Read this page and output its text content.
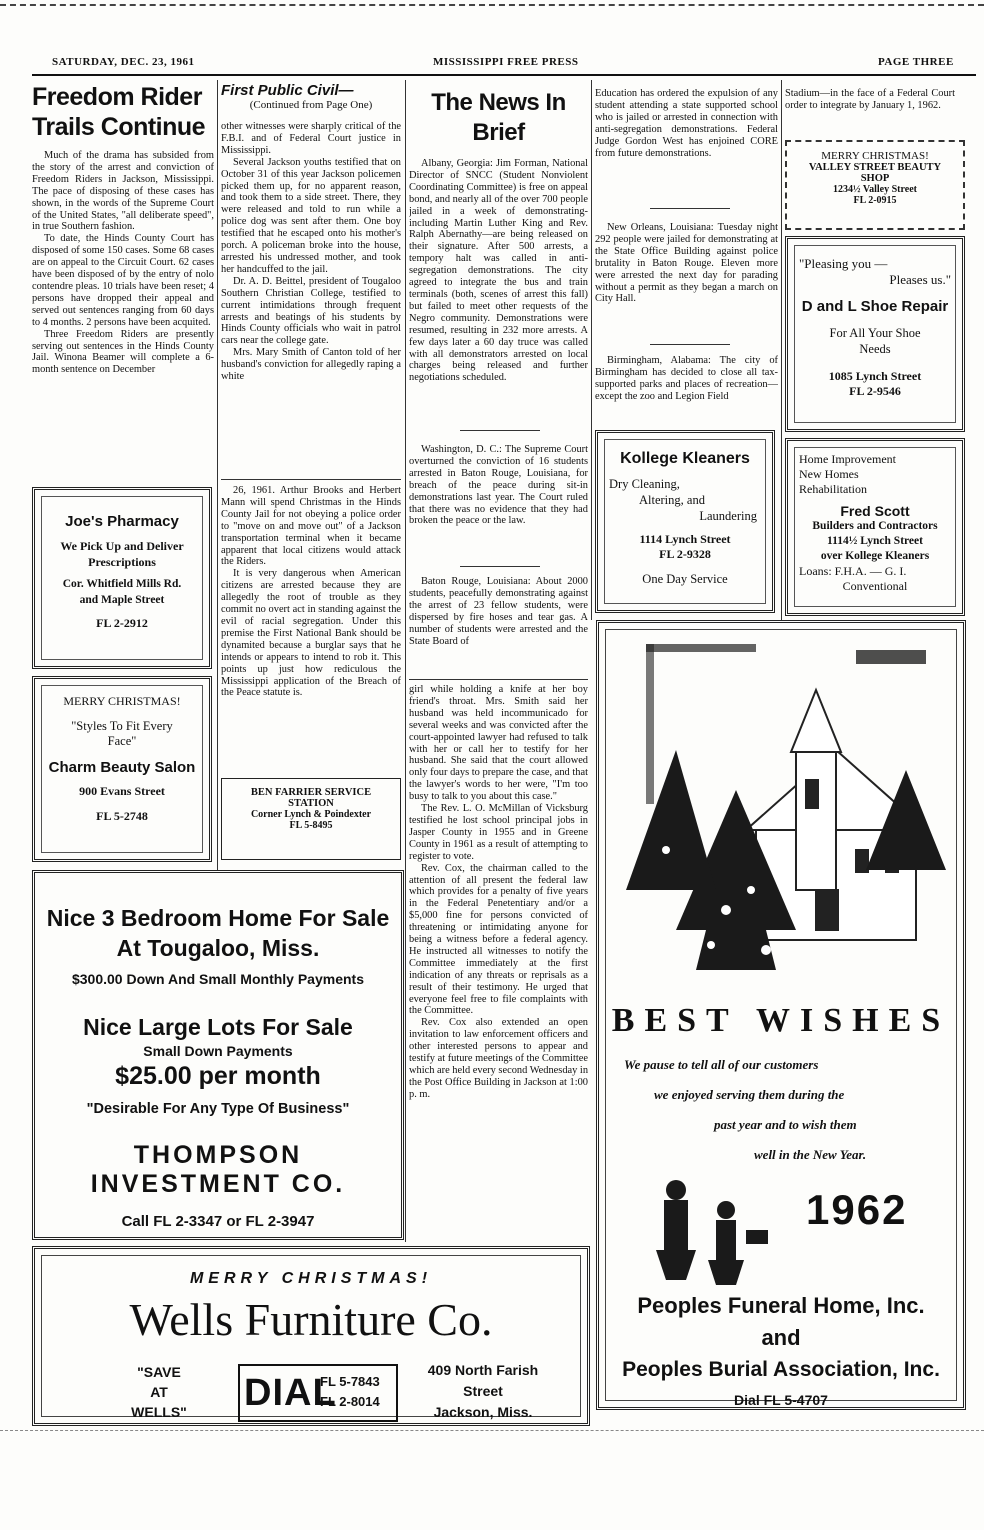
SATURDAY, DEC. 23, 1961	MISSISSIPPI FREE PRESS	PAGE THREE
Freedom Rider
Trails Continue

Much of the drama has subsided from the story of the arrest and conviction of Freedom Riders in Jackson, Mississippi. The pace of disposing of these cases has shown, in the words of the Supreme Court of the United States, "all deliberate speed", in true Southern fashion.

To date, the Hinds County Court has disposed of some 150 cases. Some 68 cases are on appeal to the Circuit Court. 62 cases have been disposed of by the entry of nolo contendre pleas. 10 trials have been reset; 4 persons have dropped their appeal and served out sentences ranging from 60 days to 4 months. 2 persons have been acquited.

Three Freedom Riders are presently serving out sentences in the Hinds County Jail. Winona Beamer will complete a 6-month sentence on December

Joe's Pharmacy
We Pick Up and Deliver
Prescriptions
Cor. Whitfield Mills Rd.
and Maple Street
FL 2-2912
MERRY CHRISTMAS!
"Styles To Fit Every
Face"
Charm Beauty Salon
900 Evans Street
FL 5-2748
First Public Civil—
(Continued from Page One)

other witnesses were sharply critical of the F.B.I. and of Federal Court justice in Mississippi.

Several Jackson youths testified that on October 31 of this year Jackson policemen picked them up, for no apparent reason, and took them to a side street. There, they were released and told to run while a police dog was sent after them. One boy testified that he escaped onto his mother's porch. A policeman broke into the house, arrested his undressed mother, and took her handcuffed to the jail.

Dr. A. D. Beittel, president of Tougaloo Southern Christian College, testified to current intimidations through frequent arrests and beatings of his students by Hinds County officials who wait in patrol cars near the college gate.

Mrs. Mary Smith of Canton told of her husband's conviction for allegedly raping a white

26, 1961. Arthur Brooks and Herbert Mann will spend Christmas in the Hinds County Jail for not obeying a police order to "move on and move out" of a Jackson transportation terminal when it became apparent that local citizens would attack the Riders.

It is very dangerous when American citizens are arrested because they are allegedly the root of trouble as they commit no overt act in standing against the evil of racial segregation. Under this premise the First National Bank should be dynamited because a burglar says that he intends or appears to intend to rob it. This points up just how rediculous the Mississippi application of the Breach of the Peace statute is.

BEN FARRIER SERVICE
STATION
Corner Lynch & Poindexter
FL 5-8495
The News In Brief

Albany, Georgia: Jim Forman, National Director of SNCC (Student Nonviolent Coordinating Committee) is free on appeal bond, and nearly all of the over 700 people jailed in a week of demonstrating-including Martin Luther King and Rev. Ralph Abernathy—are being released on their signature. After 500 arrests, a tempory halt was called in anti-segregation demonstrations. The city agreed to integrate the bus and train terminals (both, scenes of arrest this fall) but failed to meet other requests of the Negro community. Demonstrations were resumed, resulting in 232 more arrests. A few days later a 60 day truce was called with all demonstrators arrested on local charges being released and further negotiations scheduled.

Washington, D. C.: The Supreme Court overturned the conviction of 16 students arrested in Baton Rouge, Louisiana, for breach of the peace during sit-in demonstrations last year. The Court ruled that there was no evidence that they had broken the peace or the law.

Baton Rouge, Louisiana: About 2000 students, peacefully demonstrating against the arrest of 23 fellow students, were dispersed by fire hoses and tear gas. A number of students were arrested and the State Board of

girl while holding a knife at her boy friend's throat. Mrs. Smith said her husband was held incommunicado for several weeks and was convicted after the court-appointed lawyer had refused to talk with her or call her to testify for her husband. She said that the court allowed only four days to prepare the case, and that the lawyer's words to her were, "I'm too busy to talk to you about this case."

The Rev. L. O. McMillan of Vicksburg testified he lost school principal jobs in Jasper County in 1955 and in Greene County in 1961 as a result of attempting to register to vote.

Rev. Cox, the chairman called to the attention of all present the federal law which provides for a penalty of five years in the Federal Penetentiary and/or a $5,000 fine for persons convicted of threatening or intimidating anyone for being a witness before a federal agency. He instructed all witnesses to notify the Committee immediately at the first indication of any threats or reprisals as a result of their testimony. He urged that everyone feel free to file complaints with the Committee.

Rev. Cox also extended an open invitation to law enforcement officers and other interested persons to appear and testify at future meetings of the Committee which are held every second Wednesday in the Post Office Building in Jackson at 1:00 p. m.

Education has ordered the expulsion of any student attending a state supported school who is jailed or arrested in connection with anti-segregation demonstrations. Federal Judge Gordon West has enjoined CORE from future demonstrations.

New Orleans, Louisiana: Tuesday night 292 people were jailed for demonstrating at the State Office Building against police brutality in Baton Rouge. Eleven more were arrested the next day for parading without a permit as they began a march on City Hall.

Birmingham, Alabama: The city of Birmingham has decided to close all tax-supported parks and places of recreation—except the zoo and Legion Field

Kollege Kleaners
Dry Cleaning,
Altering, and
Laundering
1114 Lynch Street
FL 2-9328
One Day Service

Stadium—in the face of a Federal Court order to integrate by January 1, 1962.

MERRY CHRISTMAS!
VALLEY STREET BEAUTY
SHOP
1234½ Valley Street
FL 2-0915
"Pleasing you —
Pleases us."
D and L Shoe Repair
For All Your Shoe
Needs
1085 Lynch Street
FL 2-9546
Home Improvement
New Homes
Rehabilitation
Fred Scott
Builders and Contractors
1114½ Lynch Street
over Kollege Kleaners
Loans: F.H.A. — G. I.
Conventional
Nice 3 Bedroom Home For Sale
At Tougaloo, Miss.
$300.00 Down And Small Monthly Payments
Nice Large Lots For Sale
Small Down Payments
$25.00 per month
"Desirable For Any Type Of Business"
THOMPSON INVESTMENT CO.
Call FL 2-3347 or FL 2-3947
BEST WISHES
We pause to tell all of our customers
we enjoyed serving them during the
past year and to wish them
well in the New Year.
1962
Peoples Funeral Home, Inc.
and
Peoples Burial Association, Inc.
Dial FL 5-4707
MERRY CHRISTMAS!
Wells Furniture Co.
"SAVE
AT
WELLS"	DIAL
FL 5-7843
FL 2-8014
409 North Farish
Street
Jackson, Miss.
